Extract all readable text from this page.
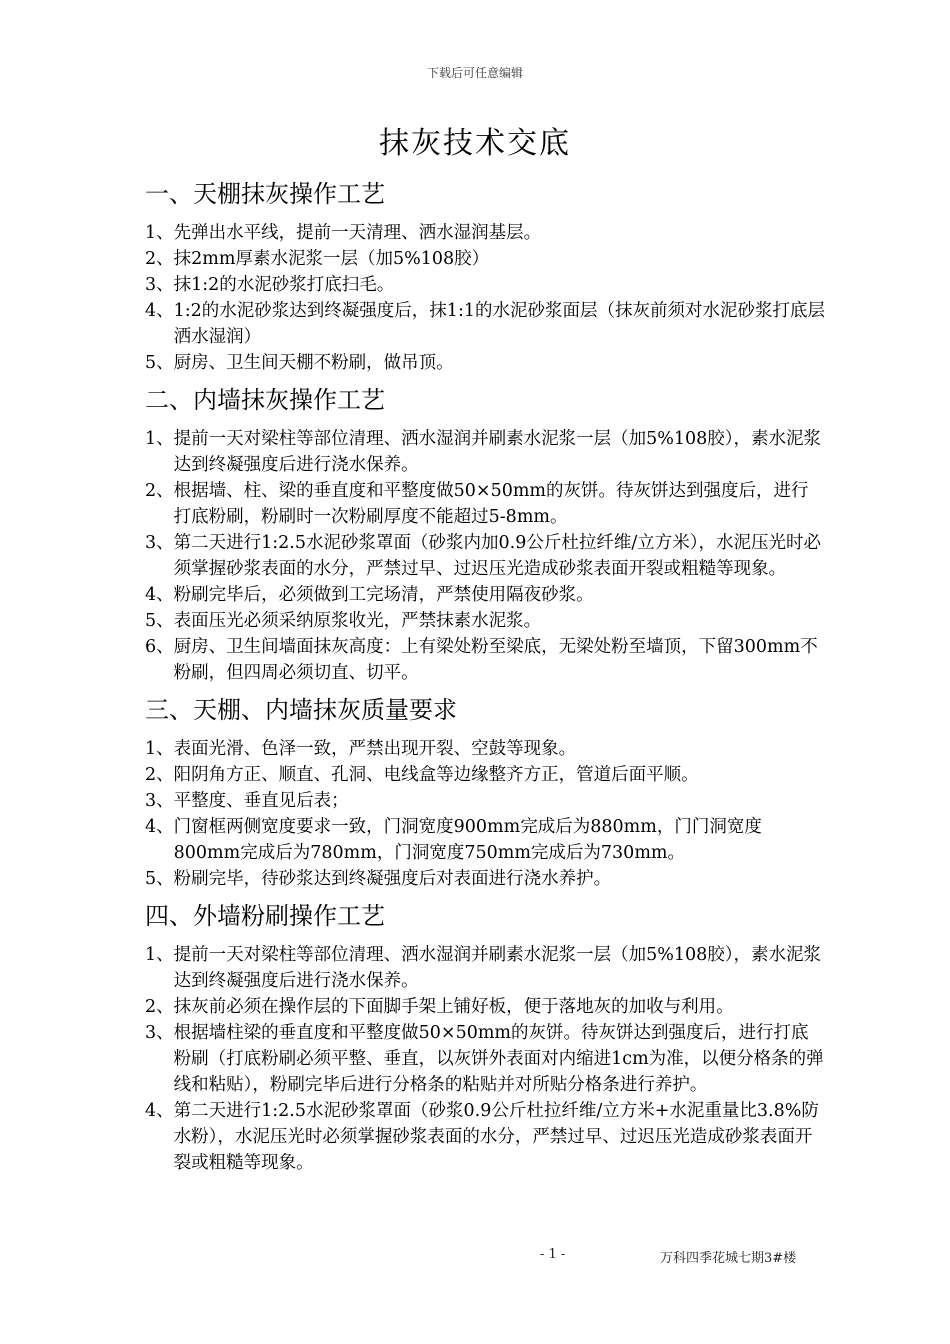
下载后可任意编辑
抹灰技术交底
一、天棚抹灰操作工艺
1、 先弹出水平线，提前一天清理、洒水湿润基层。
2、 抹2mm厚素水泥浆一层（加5%108胶）
3、 抹1:2的水泥砂浆打底扫毛。
4、 1:2的水泥砂浆达到终凝强度后，抹1:1的水泥砂浆面层（抹灰前须对水泥砂浆打底层洒水湿润）
5、 厨房、卫生间天棚不粉刷，做吊顶。
二、内墙抹灰操作工艺
1、 提前一天对梁柱等部位清理、洒水湿润并刷素水泥浆一层（加5%108胶），素水泥浆达到终凝强度后进行浇水保养。
2、 根据墙、柱、梁的垂直度和平整度做50×50mm的灰饼。待灰饼达到强度后，进行打底粉刷，粉刷时一次粉刷厚度不能超过5-8mm。
3、 第二天进行1:2.5水泥砂浆罩面（砂浆内加0.9公斤杜拉纤维/立方米），水泥压光时必须掌握砂浆表面的水分，严禁过早、过迟压光造成砂浆表面开裂或粗糙等现象。
4、 粉刷完毕后，必须做到工完场清，严禁使用隔夜砂浆。
5、 表面压光必须采纳原浆收光，严禁抹素水泥浆。
6、 厨房、卫生间墙面抹灰高度：上有梁处粉至梁底，无梁处粉至墙顶，下留300mm不粉刷，但四周必须切直、切平。
三、天棚、内墙抹灰质量要求
1、 表面光滑、色泽一致，严禁出现开裂、空鼓等现象。
2、 阳阴角方正、顺直、孔洞、电线盒等边缘整齐方正，管道后面平顺。
3、 平整度、垂直见后表；
4、 门窗框两侧宽度要求一致，门洞宽度900mm完成后为880mm，门门洞宽度800mm完成后为780mm，门洞宽度750mm完成后为730mm。
5、 粉刷完毕，待砂浆达到终凝强度后对表面进行浇水养护。
四、外墙粉刷操作工艺
1、 提前一天对梁柱等部位清理、洒水湿润并刷素水泥浆一层（加5%108胶），素水泥浆达到终凝强度后进行浇水保养。
2、 抹灰前必须在操作层的下面脚手架上铺好板，便于落地灰的加收与利用。
3、 根据墙柱梁的垂直度和平整度做50×50mm的灰饼。待灰饼达到强度后，进行打底粉刷（打底粉刷必须平整、垂直，以灰饼外表面对内缩进1cm为准，以便分格条的弹线和粘贴），粉刷完毕后进行分格条的粘贴并对所贴分格条进行养护。
4、 第二天进行1:2.5水泥砂浆罩面（砂浆0.9公斤杜拉纤维/立方米+水泥重量比3.8%防水粉），水泥压光时必须掌握砂浆表面的水分，严禁过早、过迟压光造成砂浆表面开裂或粗糙等现象。
- 1 -	万科四季花城七期3#楼
